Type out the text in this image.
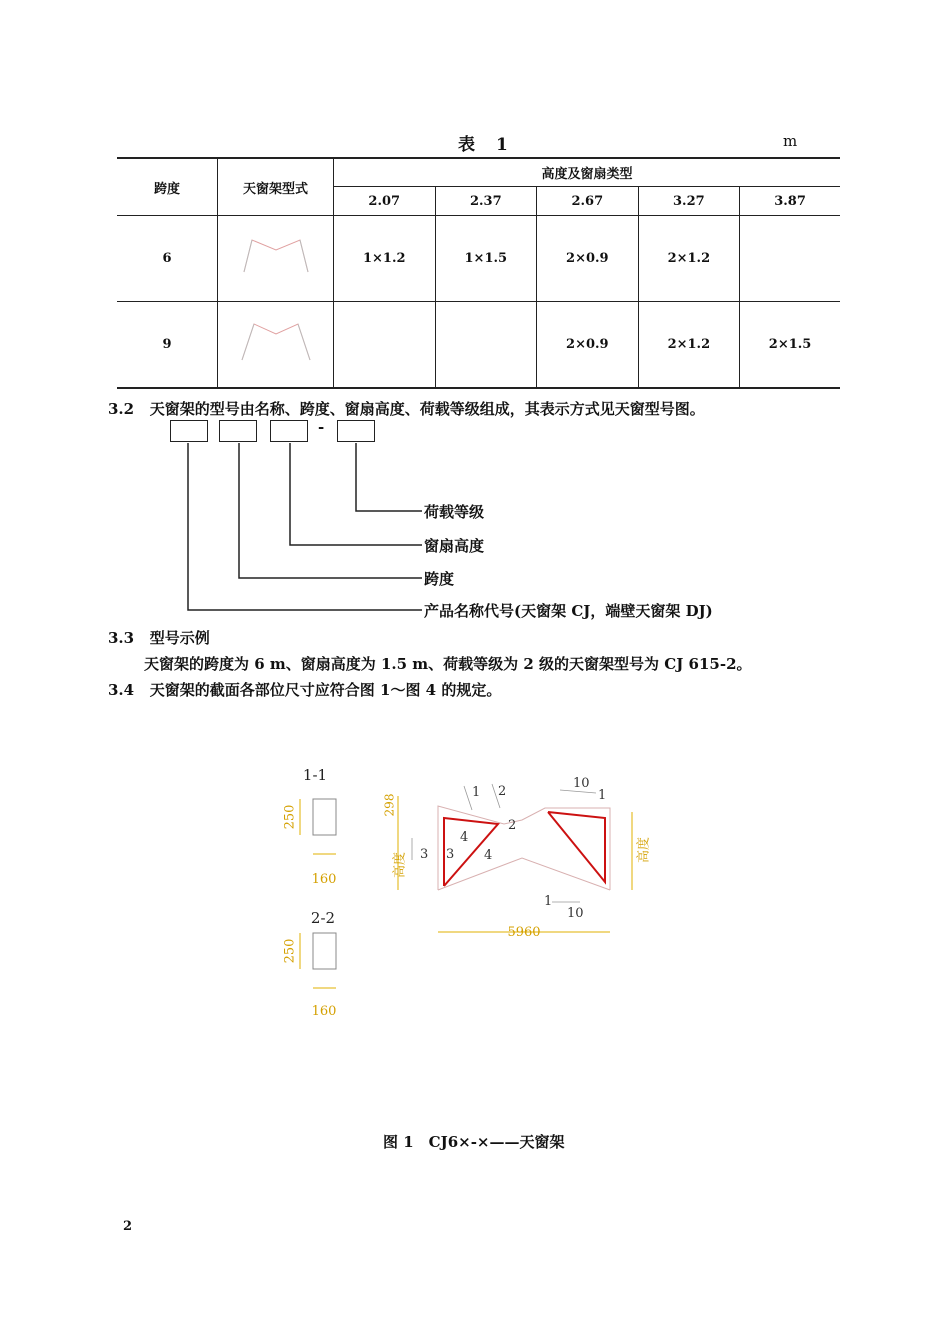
表　1	m
跨度	天窗架型式	高度及窗扇类型				
		2.07	2.37	2.67	3.27	3.87
6		1×1.2	1×1.5	2×0.9	2×1.2	
9				2×0.9	2×1.2	2×1.5
3.2 天窗架的型号由名称、跨度、窗扇高度、荷载等级组成，其表示方式见天窗型号图。
-
荷载等级
窗扇高度
跨度
产品名称代号(天窗架 CJ，端壁天窗架 DJ)
3.3 型号示例
天窗架的跨度为 6 m、窗扇高度为 1.5 m、荷载等级为 2 级的天窗架型号为 CJ 615-2。
3.4 天窗架的截面各部位尺寸应符合图 1～图 4 的规定。
1-1
250
160
2-2
250
160
298
高度
高度
5960
1 2
10
1
2
3 3
4
4
1
10
图 1　CJ6×-×——天窗架
2
